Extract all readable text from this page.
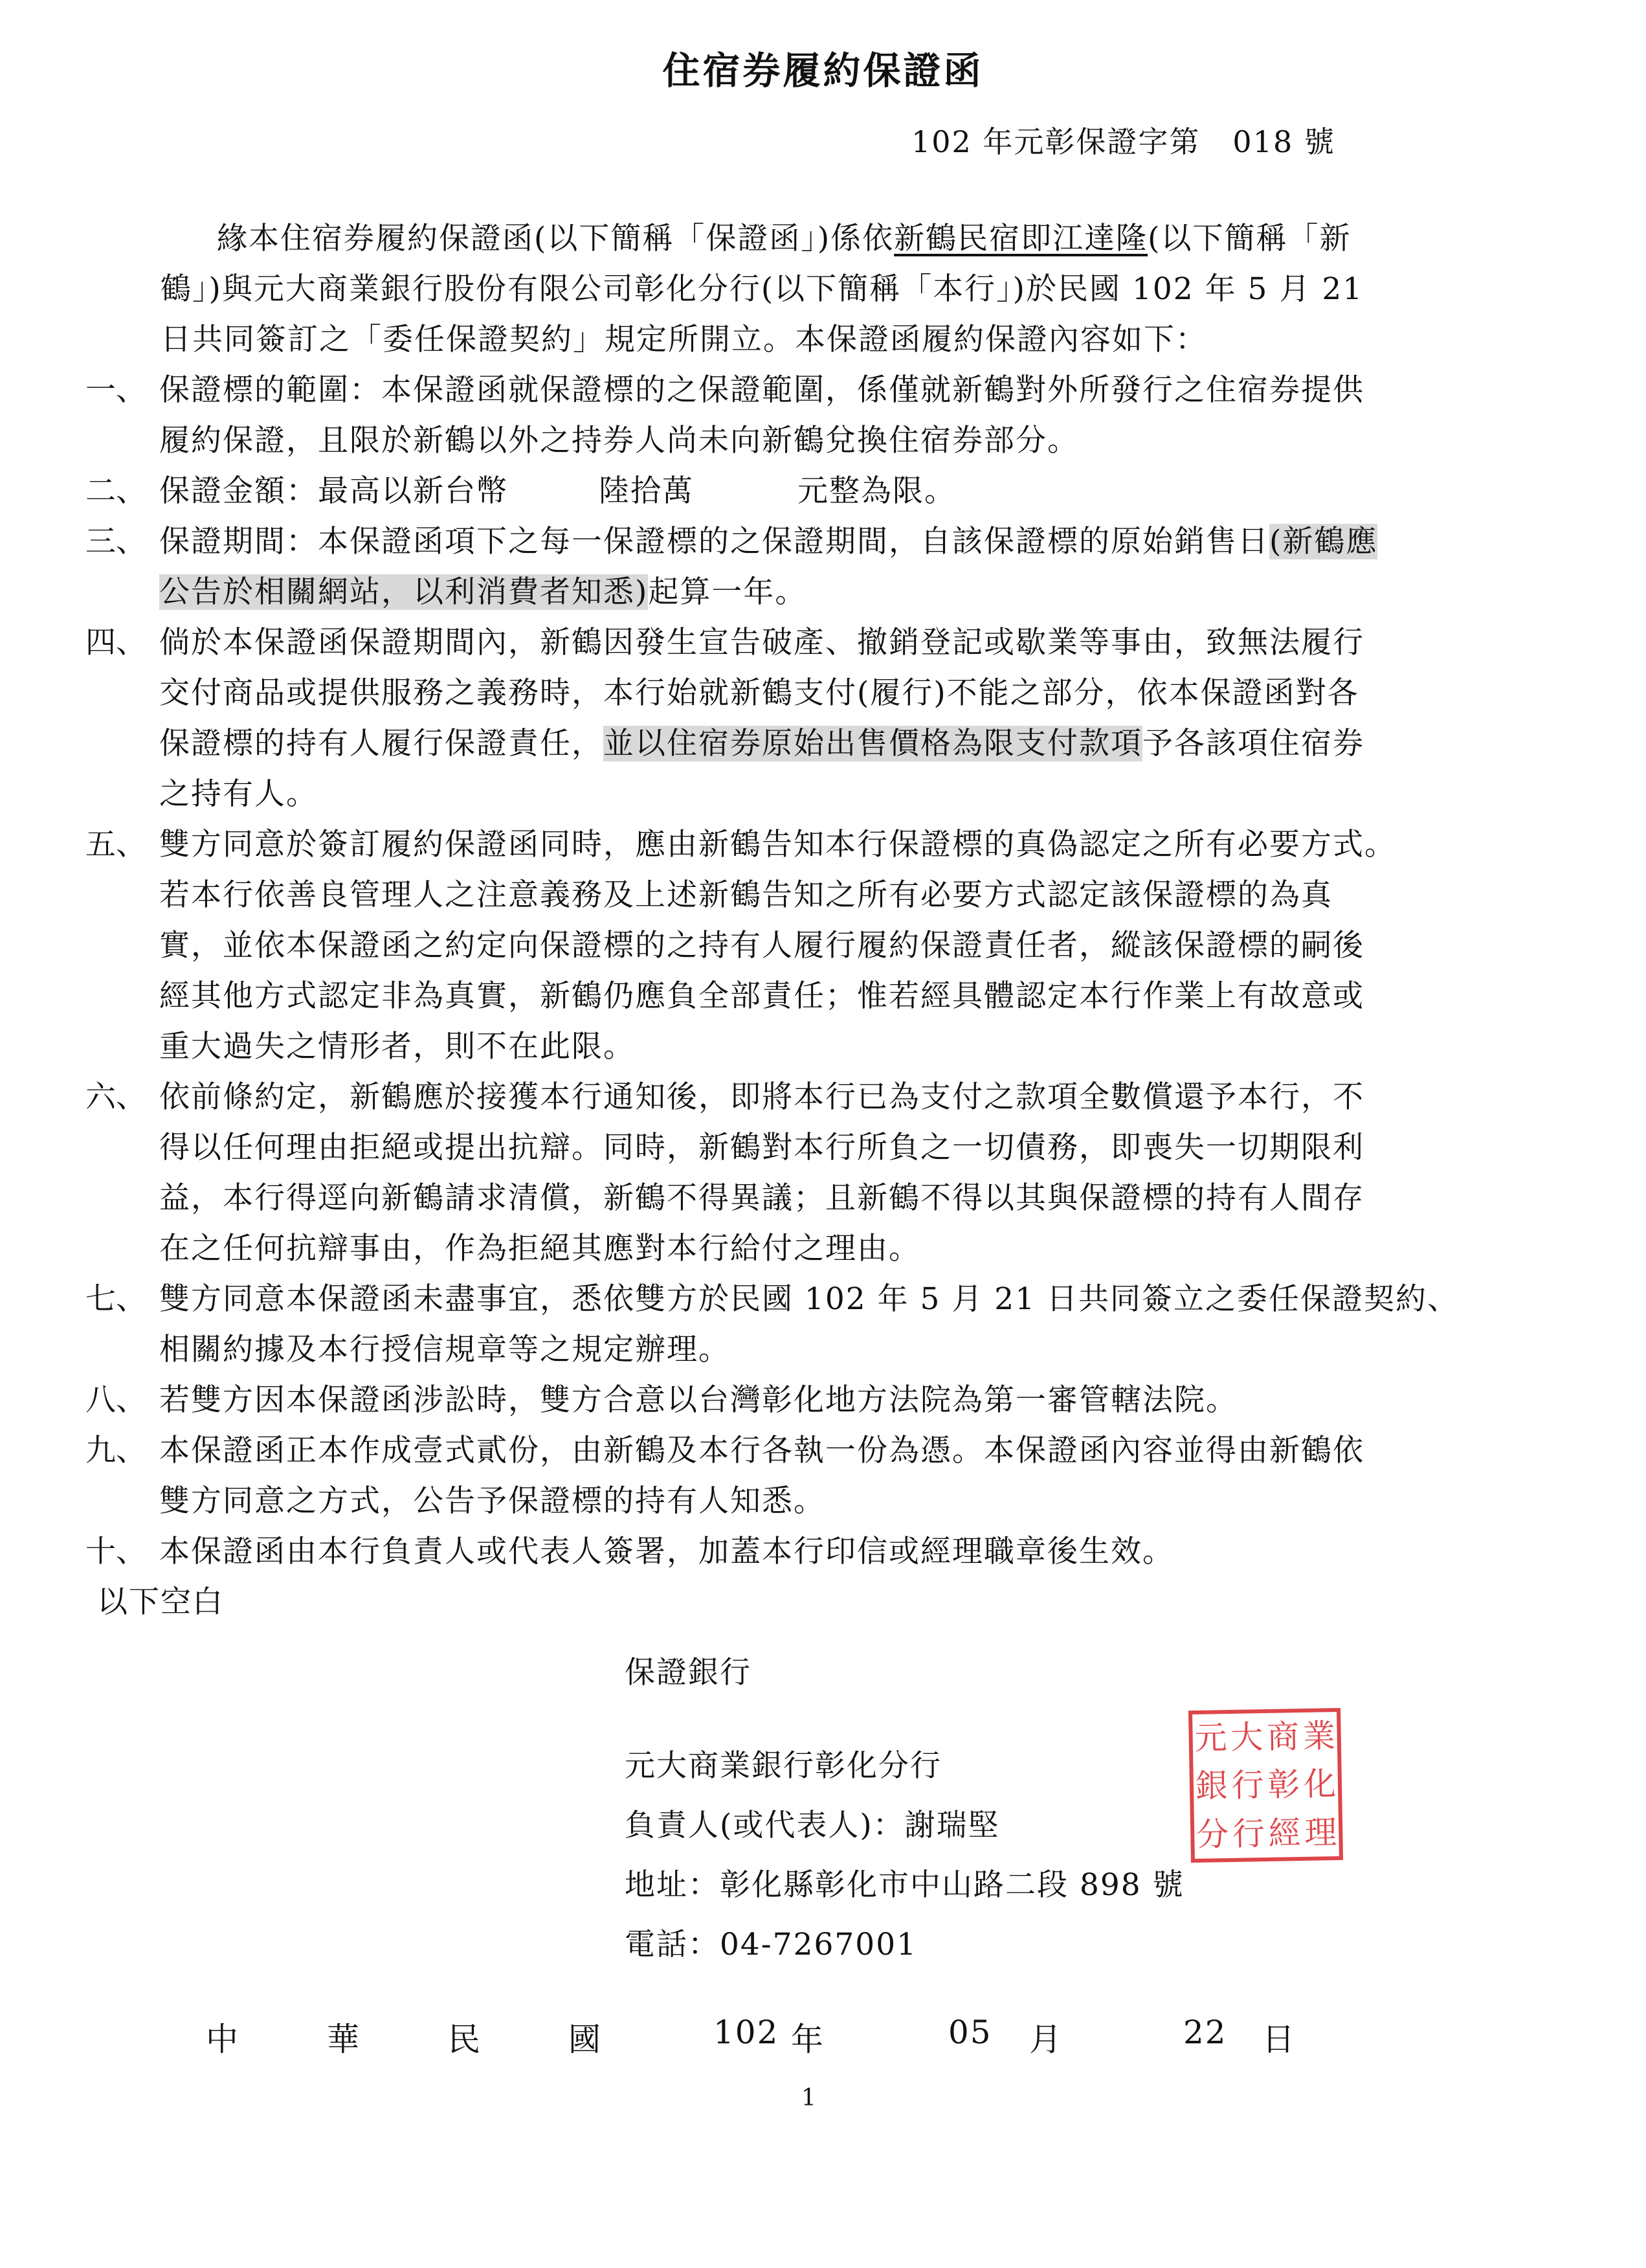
住宿券履約保證函
102 年元彰保證字第 018 號
緣本住宿券履約保證函(以下簡稱「保證函」)係依新鶴民宿即江達隆(以下簡稱「新
鶴」)與元大商業銀行股份有限公司彰化分行(以下簡稱「本行」)於民國 102 年 5 月 21
日共同簽訂之「委任保證契約」規定所開立。本保證函履約保證內容如下：
一、 保證標的範圍：本保證函就保證標的之保證範圍，係僅就新鶴對外所發行之住宿券提供
履約保證，且限於新鶴以外之持券人尚未向新鶴兌換住宿券部分。
二、 保證金額：最高以新台幣	陸拾萬	元整為限。
三、 保證期間：本保證函項下之每一保證標的之保證期間，自該保證標的原始銷售日(新鶴應
公告於相關網站，以利消費者知悉)起算一年。
四、 倘於本保證函保證期間內，新鶴因發生宣告破產、撤銷登記或歇業等事由，致無法履行
交付商品或提供服務之義務時，本行始就新鶴支付(履行)不能之部分，依本保證函對各
保證標的持有人履行保證責任，並以住宿券原始出售價格為限支付款項予各該項住宿券
之持有人。
五、 雙方同意於簽訂履約保證函同時，應由新鶴告知本行保證標的真偽認定之所有必要方式。
若本行依善良管理人之注意義務及上述新鶴告知之所有必要方式認定該保證標的為真
實，並依本保證函之約定向保證標的之持有人履行履約保證責任者，縱該保證標的嗣後
經其他方式認定非為真實，新鶴仍應負全部責任；惟若經具體認定本行作業上有故意或
重大過失之情形者，則不在此限。
六、 依前條約定，新鶴應於接獲本行通知後，即將本行已為支付之款項全數償還予本行，不
得以任何理由拒絕或提出抗辯。同時，新鶴對本行所負之一切債務，即喪失一切期限利
益，本行得逕向新鶴請求清償，新鶴不得異議；且新鶴不得以其與保證標的持有人間存
在之任何抗辯事由，作為拒絕其應對本行給付之理由。
七、 雙方同意本保證函未盡事宜，悉依雙方於民國 102 年 5 月 21 日共同簽立之委任保證契約、
相關約據及本行授信規章等之規定辦理。
八、 若雙方因本保證函涉訟時，雙方合意以台灣彰化地方法院為第一審管轄法院。
九、 本保證函正本作成壹式貳份，由新鶴及本行各執一份為憑。本保證函內容並得由新鶴依
雙方同意之方式，公告予保證標的持有人知悉。
十、 本保證函由本行負責人或代表人簽署，加蓋本行印信或經理職章後生效。
以下空白
保證銀行
元大商業銀行彰化分行
負責人(或代表人)：謝瑞堅
地址：彰化縣彰化市中山路二段 898 號
電話：04-7267001
元 大 商 業
銀 行 彰 化
分 行 經 理
中	華	民	國	102 年	05 月	22 日
1
